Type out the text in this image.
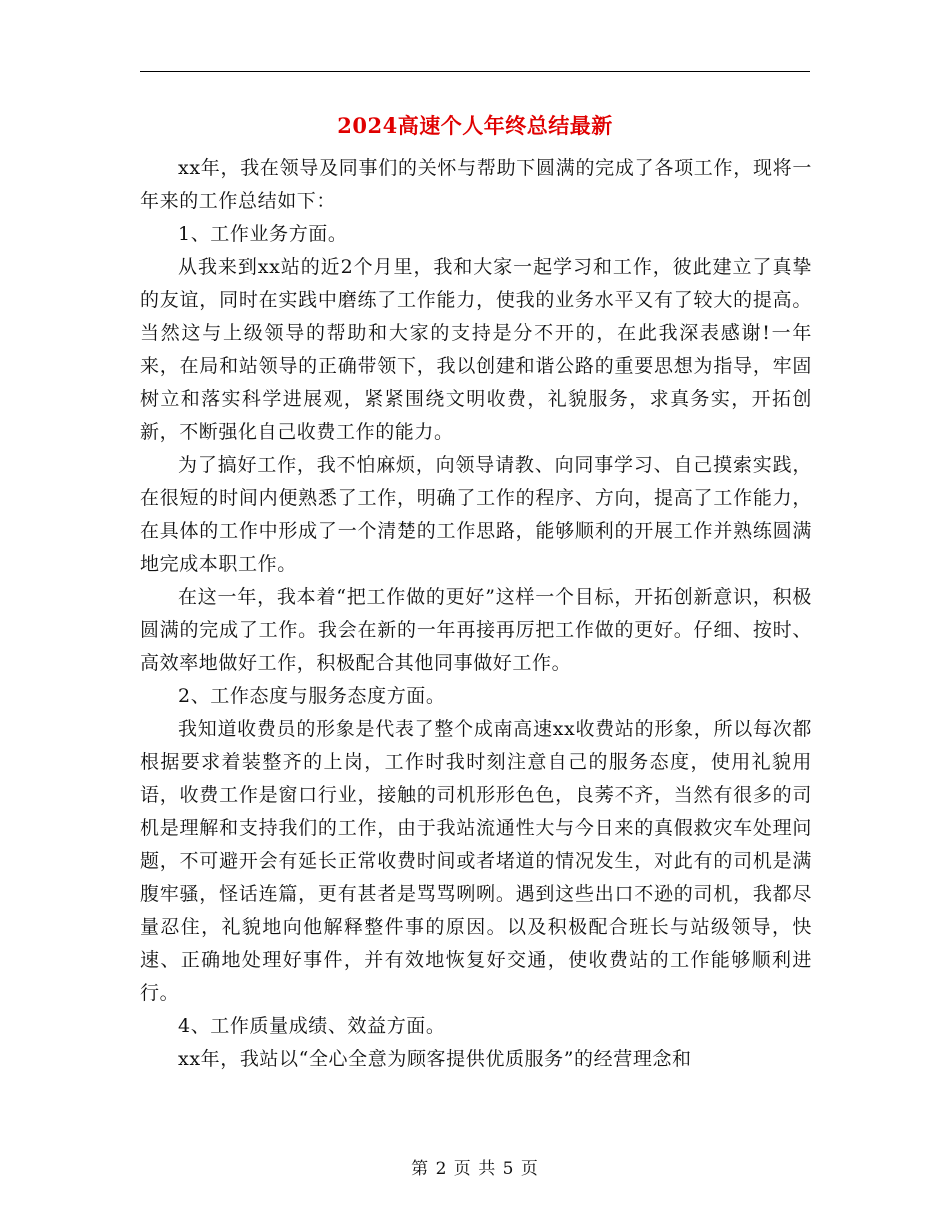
2024高速个人年终总结最新

xx年，我在领导及同事们的关怀与帮助下圆满的完成了各项工作，现将一年来的工作总结如下：

1、工作业务方面。

从我来到xx站的近2个月里，我和大家一起学习和工作，彼此建立了真挚的友谊，同时在实践中磨练了工作能力，使我的业务水平又有了较大的提高。当然这与上级领导的帮助和大家的支持是分不开的，在此我深表感谢!一年来，在局和站领导的正确带领下，我以创建和谐公路的重要思想为指导，牢固树立和落实科学进展观，紧紧围绕文明收费，礼貌服务，求真务实，开拓创新，不断强化自己收费工作的能力。

为了搞好工作，我不怕麻烦，向领导请教、向同事学习、自己摸索实践，在很短的时间内便熟悉了工作，明确了工作的程序、方向，提高了工作能力，在具体的工作中形成了一个清楚的工作思路，能够顺利的开展工作并熟练圆满地完成本职工作。

在这一年，我本着“把工作做的更好”这样一个目标，开拓创新意识，积极圆满的完成了工作。我会在新的一年再接再厉把工作做的更好。仔细、按时、高效率地做好工作，积极配合其他同事做好工作。

2、工作态度与服务态度方面。

我知道收费员的形象是代表了整个成南高速xx收费站的形象，所以每次都根据要求着装整齐的上岗，工作时我时刻注意自己的服务态度，使用礼貌用语，收费工作是窗口行业，接触的司机形形色色，良莠不齐，当然有很多的司机是理解和支持我们的工作，由于我站流通性大与今日来的真假救灾车处理问题，不可避开会有延长正常收费时间或者堵道的情况发生，对此有的司机是满腹牢骚，怪话连篇，更有甚者是骂骂咧咧。遇到这些出口不逊的司机，我都尽量忍住，礼貌地向他解释整件事的原因。以及积极配合班长与站级领导，快速、正确地处理好事件，并有效地恢复好交通，使收费站的工作能够顺利进行。

4、工作质量成绩、效益方面。

xx年，我站以“全心全意为顾客提供优质服务”的经营理念和

第 2 页 共 5 页
